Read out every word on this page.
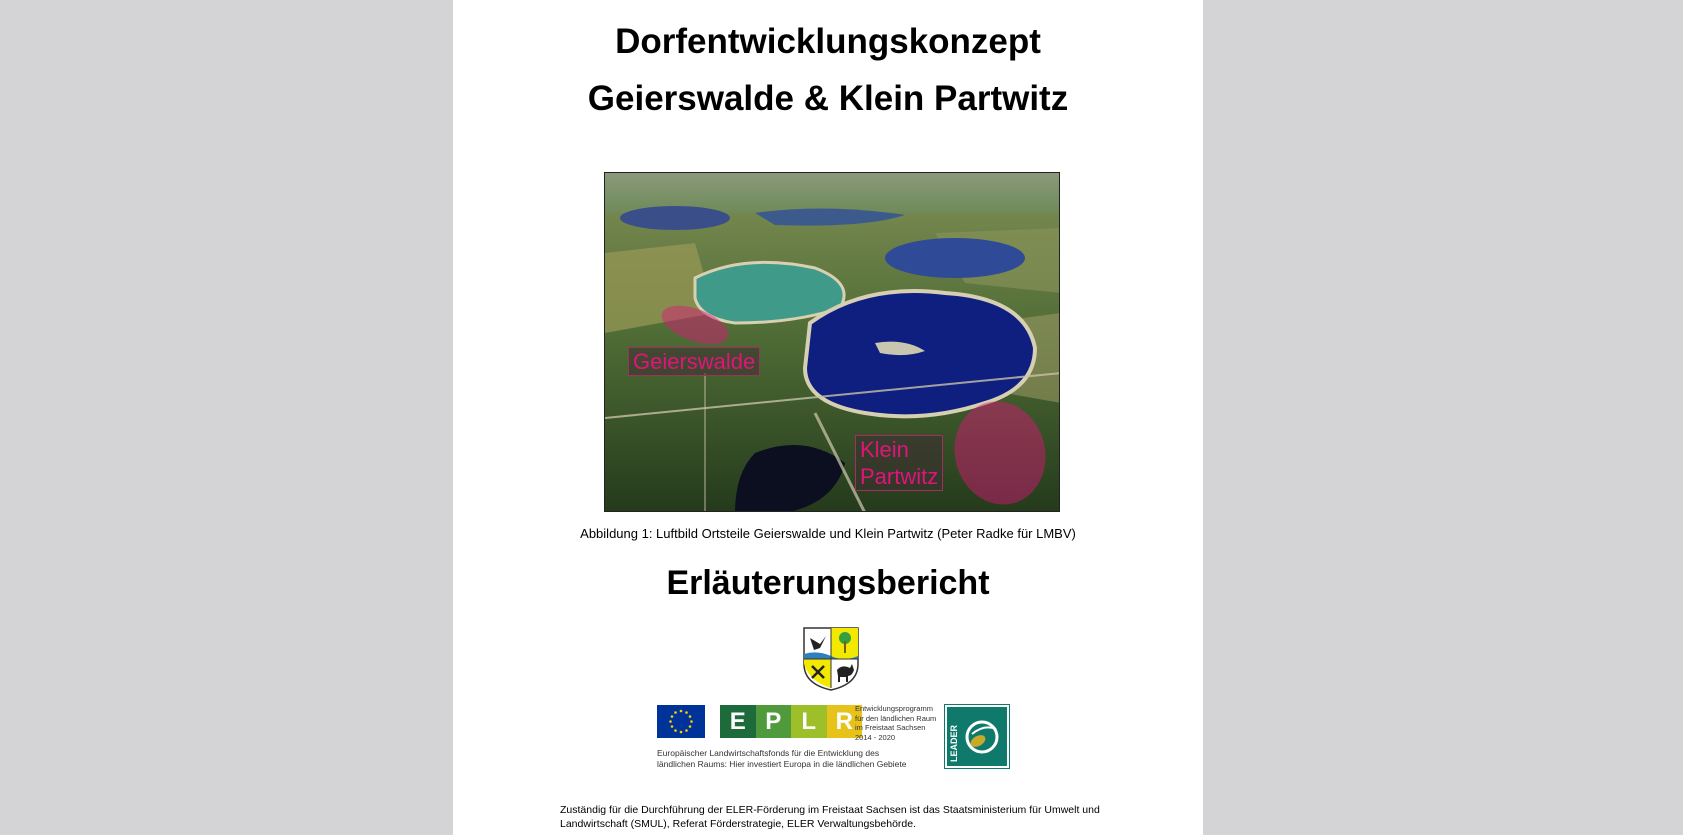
Dorfentwicklungskonzept
Geierswalde & Klein Partwitz
Geierswalde
Klein
Partwitz
Abbildung 1: Luftbild Ortsteile Geierswalde und Klein Partwitz (Peter Radke für LMBV)
Erläuterungsbericht
E P L R Entwicklungsprogramm
für den ländlichen Raum
im Freistaat Sachsen
2014 - 2020	LEADER
Europäischer Landwirtschaftsfonds für die Entwicklung des
ländlichen Raums: Hier investiert Europa in die ländlichen Gebiete
Zuständig für die Durchführung der ELER-Förderung im Freistaat Sachsen ist das Staatsministerium für Umwelt und Landwirtschaft (SMUL), Referat Förderstrategie, ELER Verwaltungsbehörde.
